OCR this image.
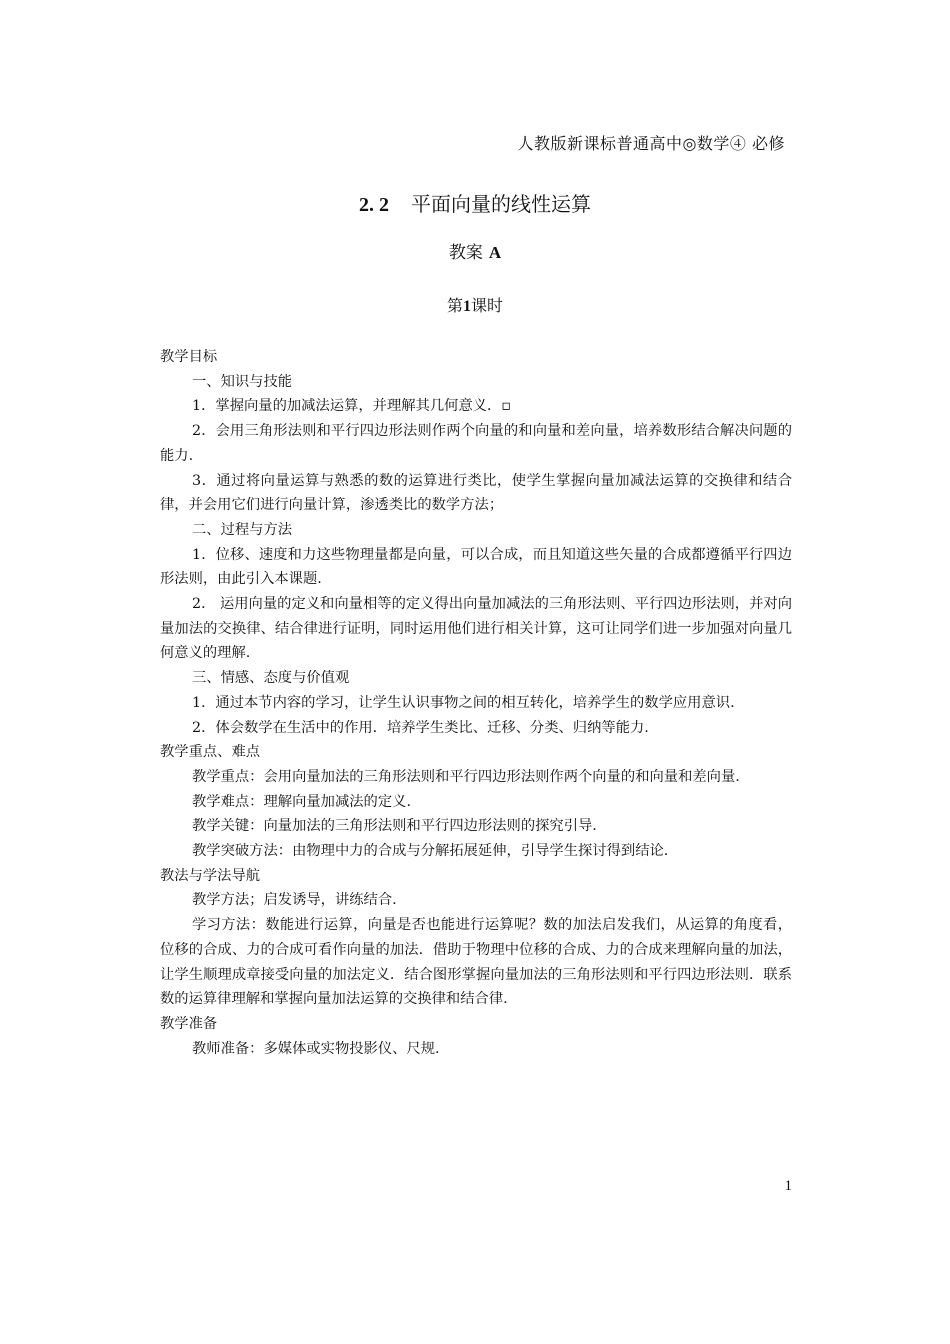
人教版新课标普通高中◎数学④ 必修
2. 2 平面向量的线性运算
教案 A
第1课时

教学目标

一、知识与技能

1．掌握向量的加减法运算，并理解其几何意义．▫

2．会用三角形法则和平行四边形法则作两个向量的和向量和差向量，培养数形结合解决问题的能力.

3．通过将向量运算与熟悉的数的运算进行类比，使学生掌握向量加减法运算的交换律和结合律，并会用它们进行向量计算，渗透类比的数学方法；

二、过程与方法

1．位移、速度和力这些物理量都是向量，可以合成，而且知道这些矢量的合成都遵循平行四边形法则，由此引入本课题.

2． 运用向量的定义和向量相等的定义得出向量加减法的三角形法则、平行四边形法则，并对向量加法的交换律、结合律进行证明，同时运用他们进行相关计算，这可让同学们进一步加强对向量几何意义的理解.

三、情感、态度与价值观

1．通过本节内容的学习，让学生认识事物之间的相互转化，培养学生的数学应用意识.

2．体会数学在生活中的作用．培养学生类比、迁移、分类、归纳等能力.

教学重点、难点

教学重点：会用向量加法的三角形法则和平行四边形法则作两个向量的和向量和差向量.

教学难点：理解向量加减法的定义.

教学关键：向量加法的三角形法则和平行四边形法则的探究引导.

教学突破方法：由物理中力的合成与分解拓展延伸，引导学生探讨得到结论.

教法与学法导航

教学方法；启发诱导，讲练结合.

学习方法：数能进行运算，向量是否也能进行运算呢？数的加法启发我们，从运算的角度看，位移的合成、力的合成可看作向量的加法．借助于物理中位移的合成、力的合成来理解向量的加法，让学生顺理成章接受向量的加法定义．结合图形掌握向量加法的三角形法则和平行四边形法则．联系数的运算律理解和掌握向量加法运算的交换律和结合律.

教学准备

教师准备：多媒体或实物投影仪、尺规.

1
